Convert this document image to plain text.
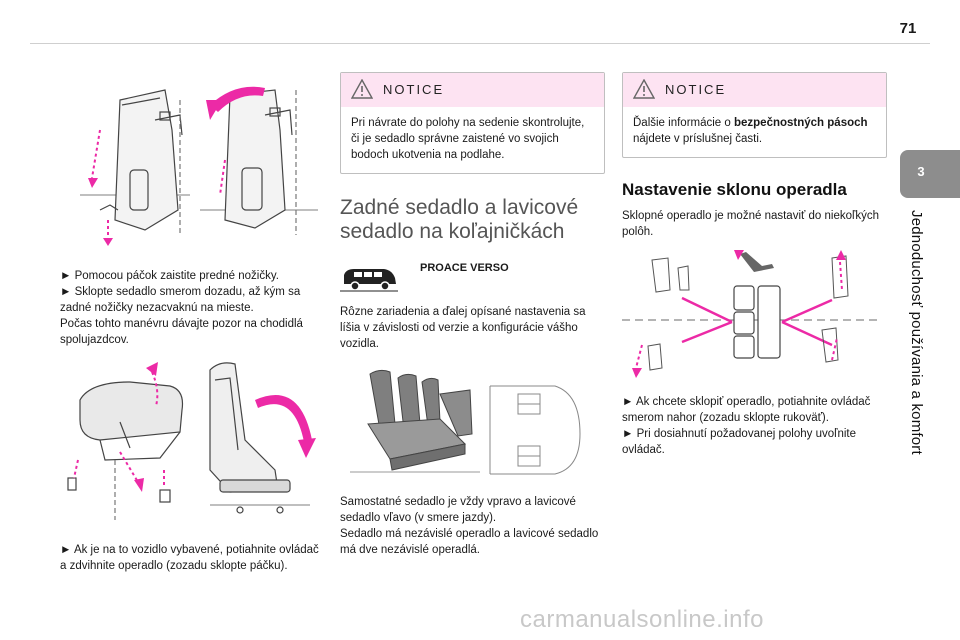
71
3
Jednoduchosť používania a komfort

► Pomocou páčok zaistite predné nožičky.

► Sklopte sedadlo smerom dozadu, až kým sa zadné nožičky nezacvaknú na mieste.

Počas tohto manévru dávajte pozor na chodidlá spolujazdcov.

► Ak je na to vozidlo vybavené, potiahnite ovládač a zdvihnite operadlo (zozadu sklopte páčku).

NOTICE
Pri návrate do polohy na sedenie skontrolujte, či je sedadlo správne zaistené vo svojich bodoch ukotvenia na podlahe.
Zadné sedadlo a lavicové sedadlo na koľajničkách
PROACE VERSO
Rôzne zariadenia a ďalej opísané nastavenia sa líšia v závislosti od verzie a konfigurácie vášho vozidla.

Samostatné sedadlo je vždy vpravo a lavicové sedadlo vľavo (v smere jazdy).

Sedadlo má nezávislé operadlo a lavicové sedadlo má dve nezávislé operadlá.

NOTICE
Ďalšie informácie o bezpečnostných pásoch nájdete v príslušnej časti.
Nastavenie sklonu operadla
Sklopné operadlo je možné nastaviť do niekoľkých polôh.

► Ak chcete sklopiť operadlo, potiahnite ovládač smerom nahor (zozadu sklopte rukoväť).

► Pri dosiahnutí požadovanej polohy uvoľnite ovládač.

carmanualsonline.info
